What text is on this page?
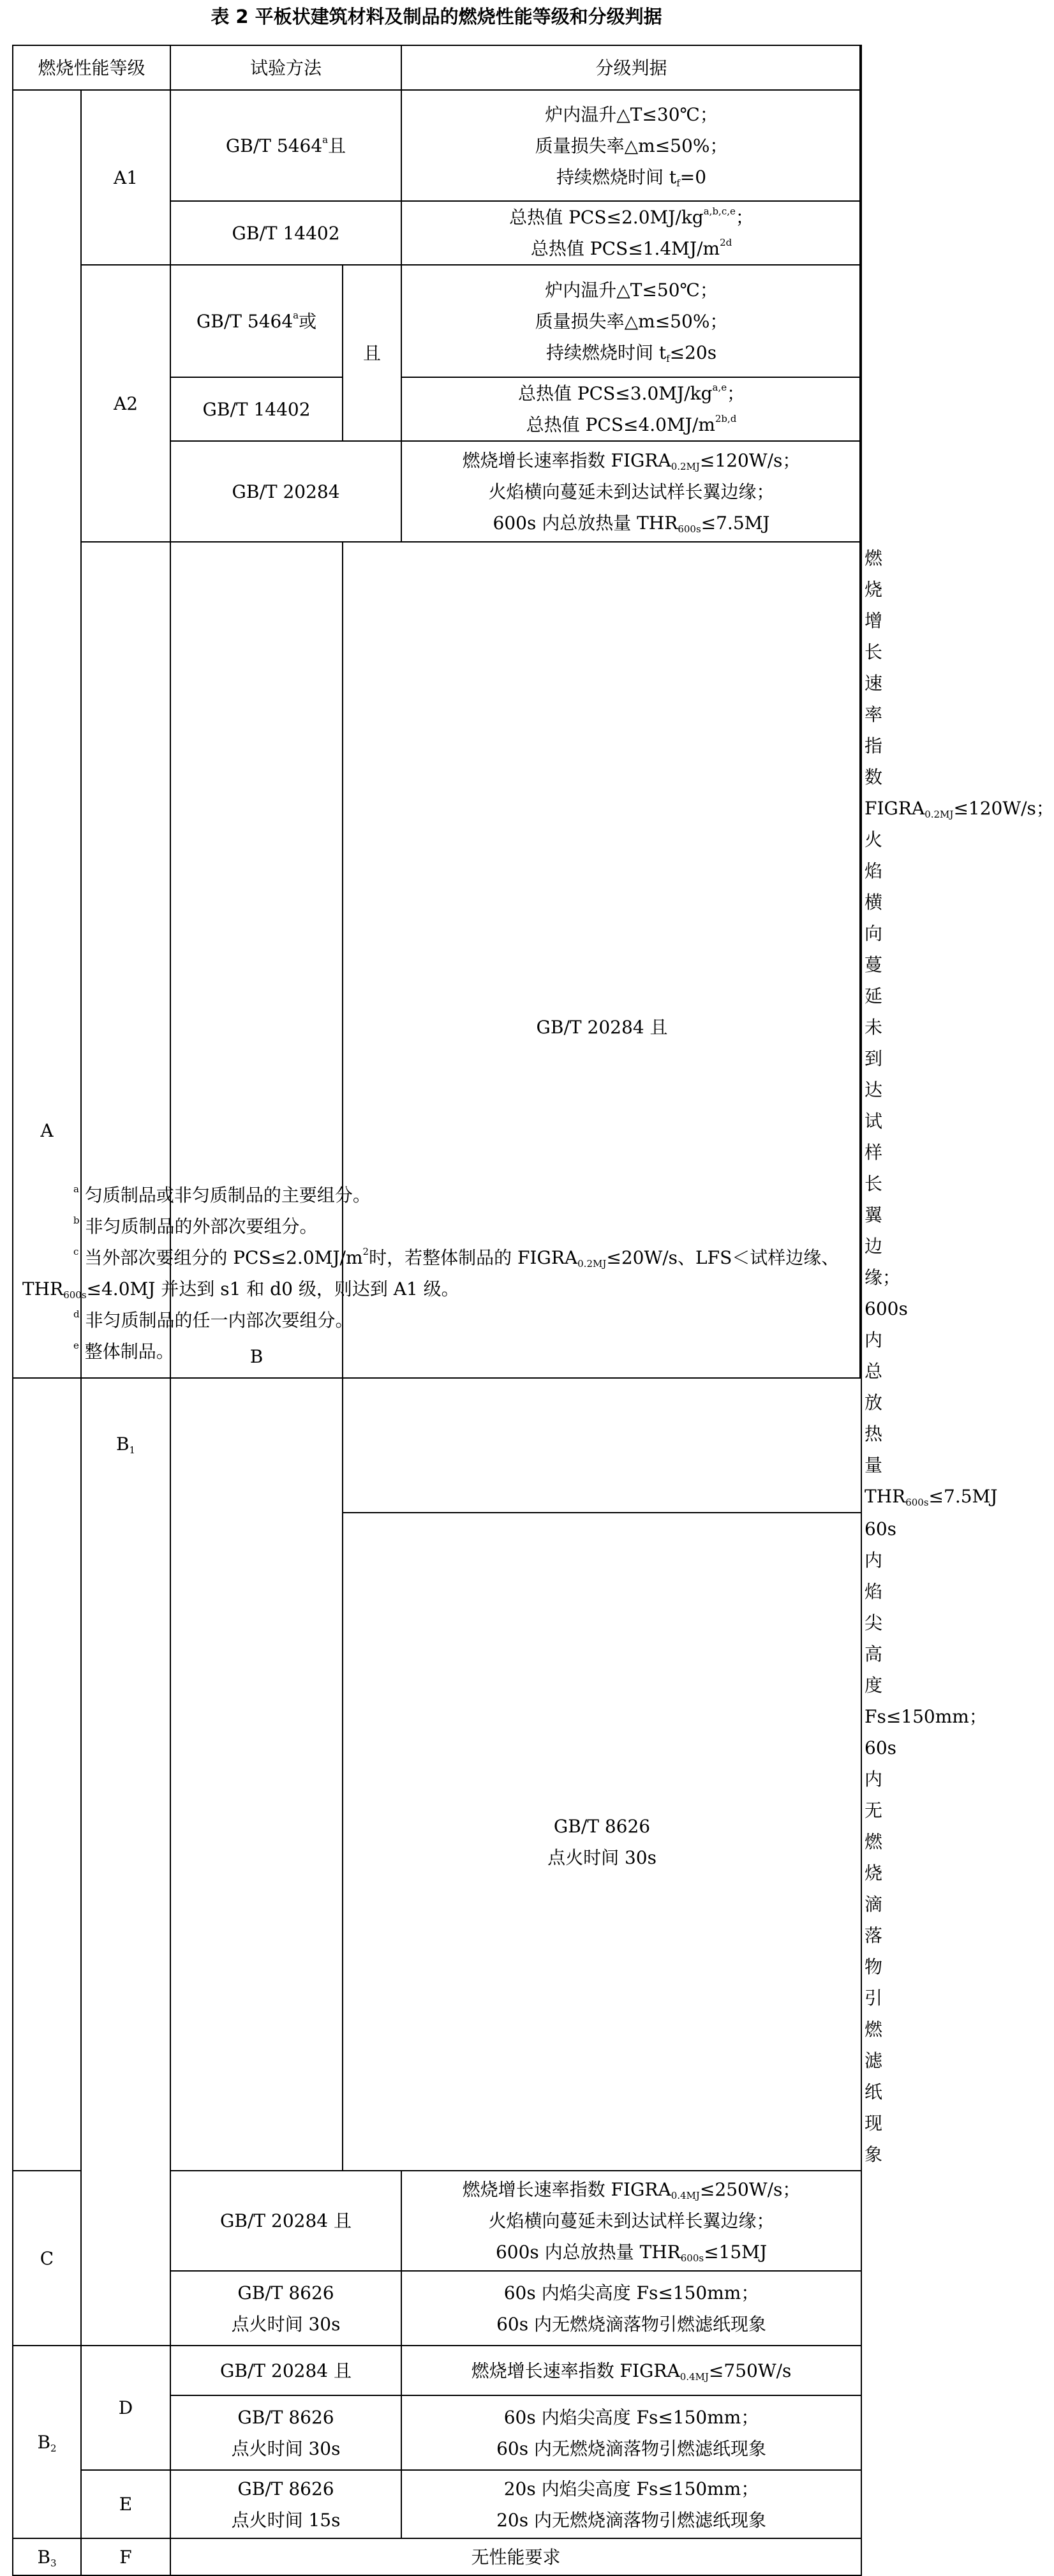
表 2 平板状建筑材料及制品的燃烧性能等级和分级判据
燃烧性能等级		试验方法		分级判据	
A	A1	GB/T 5464$^a$且		炉内温升△T≤30℃；
质量损失率△m≤50%；
持续燃烧时间 $t_f=0$	

		GB/T 14402		总热值 PCS≤2.0MJ/kg$^{a,b,c,e}$；
总热值 $PCS\le 1.4MJ/m^{2d}$

	A2	GB/T 5464$^a$或	且	炉内温升△T≤50℃；
质量损失率△m≤50%；
持续燃烧时间 $t_f\le 20s$	

		GB/T 14402		总热值 PCS≤3.0MJ/kg$^{a,e}$；
总热值 $PCS\le 4.0MJ/m^{2b,d}$

		GB/T 20284		燃烧增长速率指数 $FIGRA_{0.2MJ}\le 120W/s$；
火焰横向蔓延未到达试样长翼边缘；
600s 内总放热量 $THR_{600s}\le 7.5MJ$	

	$B_1$	B	GB/T 20284 且		燃烧增长速率指数 $FIGRA_{0.2MJ}\le 120W/s$；
火焰横向蔓延未到达试样长翼边缘；
600s 内总放热量 $THR_{600s}\le 7.5MJ$

			GB/T 8626
点火时间 30s		60s 内焰尖高度 Fs≤150mm；
60s 内无燃烧滴落物引燃滤纸现象

C		GB/T 20284 且		燃烧增长速率指数 $FIGRA_{0.4MJ}\le 250W/s$；
火焰横向蔓延未到达试样长翼边缘；
600s 内总放热量 $THR_{600s}\le 15MJ$	

		GB/T 8626
点火时间 30s		60s 内焰尖高度 Fs≤150mm；
60s 内无燃烧滴落物引燃滤纸现象	

$B_2$	D	GB/T 20284 且		燃烧增长速率指数 $FIGRA_{0.4MJ}\le 750W/s$	

		GB/T 8626
点火时间 30s		60s 内焰尖高度 Fs≤150mm；
60s 内无燃烧滴落物引燃滤纸现象	

	E	GB/T 8626
点火时间 15s		20s 内焰尖高度 Fs≤150mm；
20s 内无燃烧滴落物引燃滤纸现象	

$B_3$	F	无性能要求			
$^a$ 匀质制品或非匀质制品的主要组分。
$^b$ 非匀质制品的外部次要组分。
$^c$ 当外部次要组分的 $PCS\le 2.0MJ/m^2$时，若整体制品的 $FIGRA_{0.2MJ}\le 20W/s$、LFS＜试样边缘、$THR_{600s}\le 4.0MJ$ 并达到 s1 和 d0 级，则达到 A1 级。
$^d$ 非匀质制品的任一内部次要组分。
$^e$ 整体制品。
